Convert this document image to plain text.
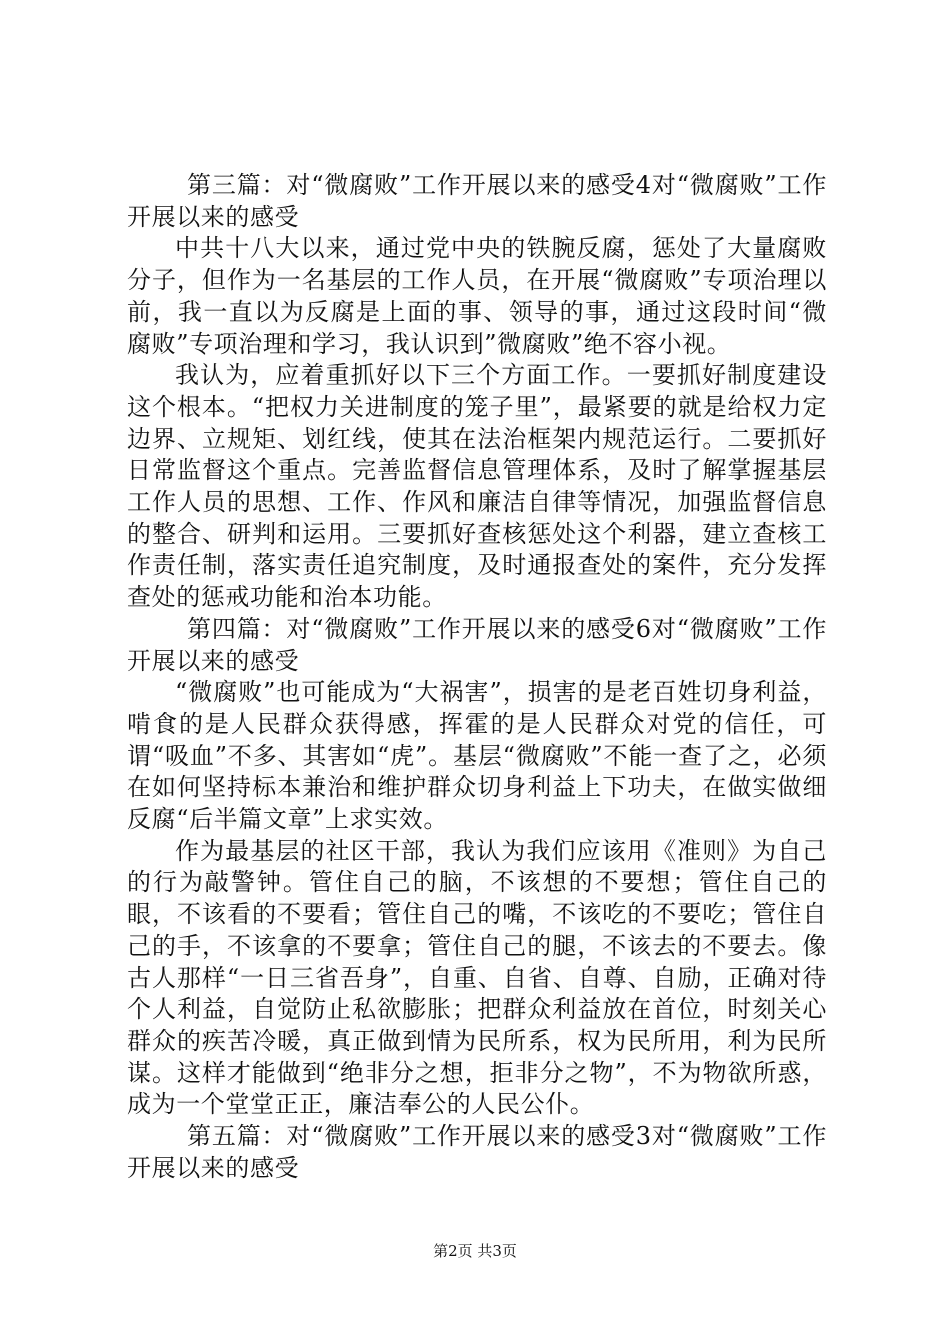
第三篇：对“微腐败”工作开展以来的感受4对“微腐败”工作开展以来的感受

中共十八大以来，通过党中央的铁腕反腐，惩处了大量腐败分子，但作为一名基层的工作人员，在开展“微腐败”专项治理以前，我一直以为反腐是上面的事、领导的事，通过这段时间“微腐败”专项治理和学习，我认识到”微腐败”绝不容小视。

我认为，应着重抓好以下三个方面工作。一要抓好制度建设这个根本。“把权力关进制度的笼子里”，最紧要的就是给权力定边界、立规矩、划红线，使其在法治框架内规范运行。二要抓好日常监督这个重点。完善监督信息管理体系，及时了解掌握基层工作人员的思想、工作、作风和廉洁自律等情况，加强监督信息的整合、研判和运用。三要抓好查核惩处这个利器，建立查核工作责任制，落实责任追究制度，及时通报查处的案件，充分发挥查处的惩戒功能和治本功能。

第四篇：对“微腐败”工作开展以来的感受6对“微腐败”工作开展以来的感受

“微腐败”也可能成为“大祸害”，损害的是老百姓切身利益，啃食的是人民群众获得感，挥霍的是人民群众对党的信任，可谓“吸血”不多、其害如“虎”。基层“微腐败”不能一查了之，必须在如何坚持标本兼治和维护群众切身利益上下功夫，在做实做细反腐“后半篇文章”上求实效。

作为最基层的社区干部，我认为我们应该用《准则》为自己的行为敲警钟。管住自己的脑，不该想的不要想；管住自己的眼，不该看的不要看；管住自己的嘴，不该吃的不要吃；管住自己的手，不该拿的不要拿；管住自己的腿，不该去的不要去。像古人那样“一日三省吾身”，自重、自省、自尊、自励，正确对待个人利益，自觉防止私欲膨胀；把群众利益放在首位，时刻关心群众的疾苦冷暖，真正做到情为民所系，权为民所用，利为民所谋。这样才能做到“绝非分之想，拒非分之物”，不为物欲所惑，成为一个堂堂正正，廉洁奉公的人民公仆。

第五篇：对“微腐败”工作开展以来的感受3对“微腐败”工作开展以来的感受

第2页 共3页
